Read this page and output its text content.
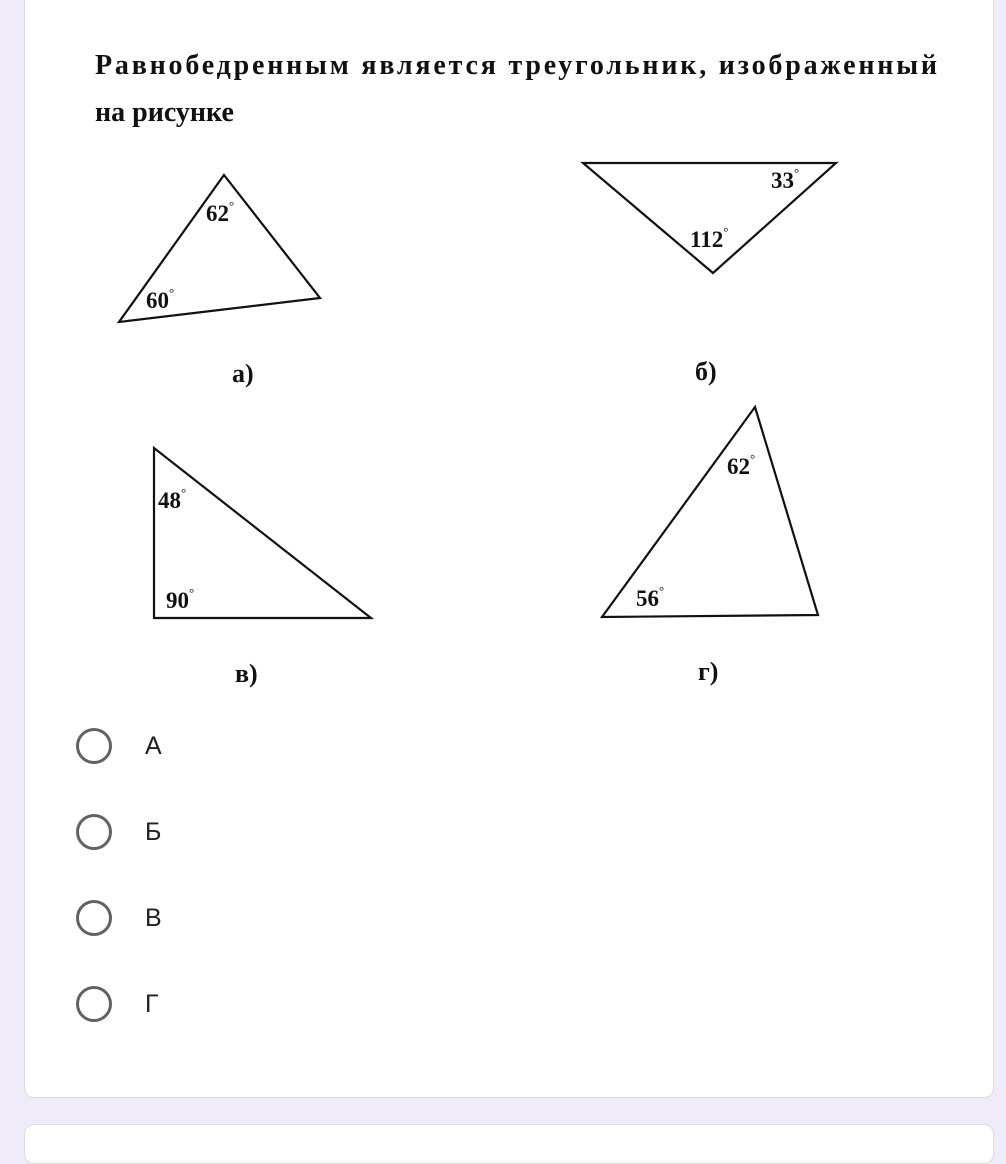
Равнобедренным является треугольник, изображенный
на рисунке
62°
60°
а)
33°
112°
б)
48°
90°
в)
62°
56°
г)
А
Б
В
Г
